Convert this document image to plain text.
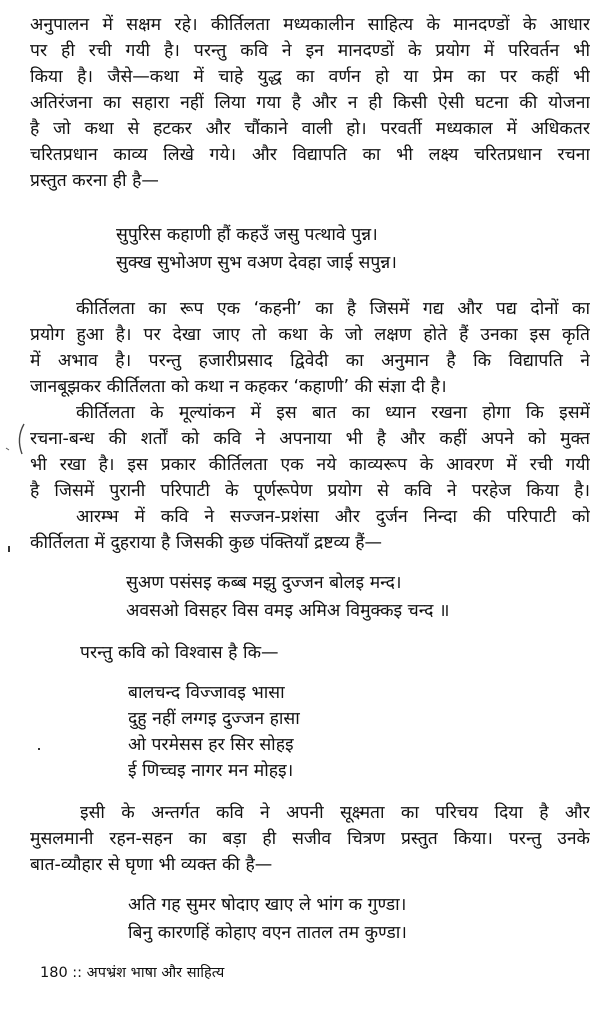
अनुपालन में सक्षम रहे। कीर्तिलता मध्यकालीन साहित्य के मानदण्डों के आधार
पर ही रची गयी है। परन्तु कवि ने इन मानदण्डों के प्रयोग में परिवर्तन भी
किया है। जैसे—कथा में चाहे युद्ध का वर्णन हो या प्रेम का पर कहीं भी
अतिरंजना का सहारा नहीं लिया गया है और न ही किसी ऐसी घटना की योजना
है जो कथा से हटकर और चौंकाने वाली हो। परवर्ती मध्यकाल में अधिकतर
चरितप्रधान काव्य लिखे गये। और विद्यापति का भी लक्ष्य चरितप्रधान रचना
प्रस्तुत करना ही है—
सुपुरिस कहाणी हौं कहउँ जसु पत्थावे पुन्न।
सुक्ख सुभोअण सुभ वअण देवहा जाई सपुन्न।
कीर्तिलता का रूप एक ‘कहनी’ का है जिसमें गद्य और पद्य दोनों का
प्रयोग हुआ है। पर देखा जाए तो कथा के जो लक्षण होते हैं उनका इस कृति
में अभाव है। परन्तु हजारीप्रसाद द्विवेदी का अनुमान है कि विद्यापति ने
जानबूझकर कीर्तिलता को कथा न कहकर ‘कहाणी’ की संज्ञा दी है।
कीर्तिलता के मूल्यांकन में इस बात का ध्यान रखना होगा कि इसमें
रचना-बन्ध की शर्तों को कवि ने अपनाया भी है और कहीं अपने को मुक्त
भी रखा है। इस प्रकार कीर्तिलता एक नये काव्यरूप के आवरण में रची गयी
है जिसमें पुरानी परिपाटी के पूर्णरूपेण प्रयोग से कवि ने परहेज किया है।
आरम्भ में कवि ने सज्जन-प्रशंसा और दुर्जन निन्दा की परिपाटी को
कीर्तिलता में दुहराया है जिसकी कुछ पंक्तियाँ द्रष्टव्य हैं—
सुअण पसंसइ कब्ब मझु दुज्जन बोलइ मन्द।
अवसओ विसहर विस वमइ अमिअ विमुक्कइ चन्द ॥
परन्तु कवि को विश्वास है कि—
बालचन्द विज्जावइ भासा
दुहु नहीं लग्गइ दुज्जन हासा
ओ परमेसस हर सिर सोहइ
ई णिच्चइ नागर मन मोहइ।
इसी के अन्तर्गत कवि ने अपनी सूक्ष्मता का परिचय दिया है और
मुसलमानी रहन-सहन का बड़ा ही सजीव चित्रण प्रस्तुत किया। परन्तु उनके
बात-व्यौहार से घृणा भी व्यक्त की है—
अति गह सुमर षोदाए खाए ले भांग क गुण्डा।
बिनु कारणहिं कोहाए वएन तातल तम कुण्डा।
180 :: अपभ्रंश भाषा और साहित्य
